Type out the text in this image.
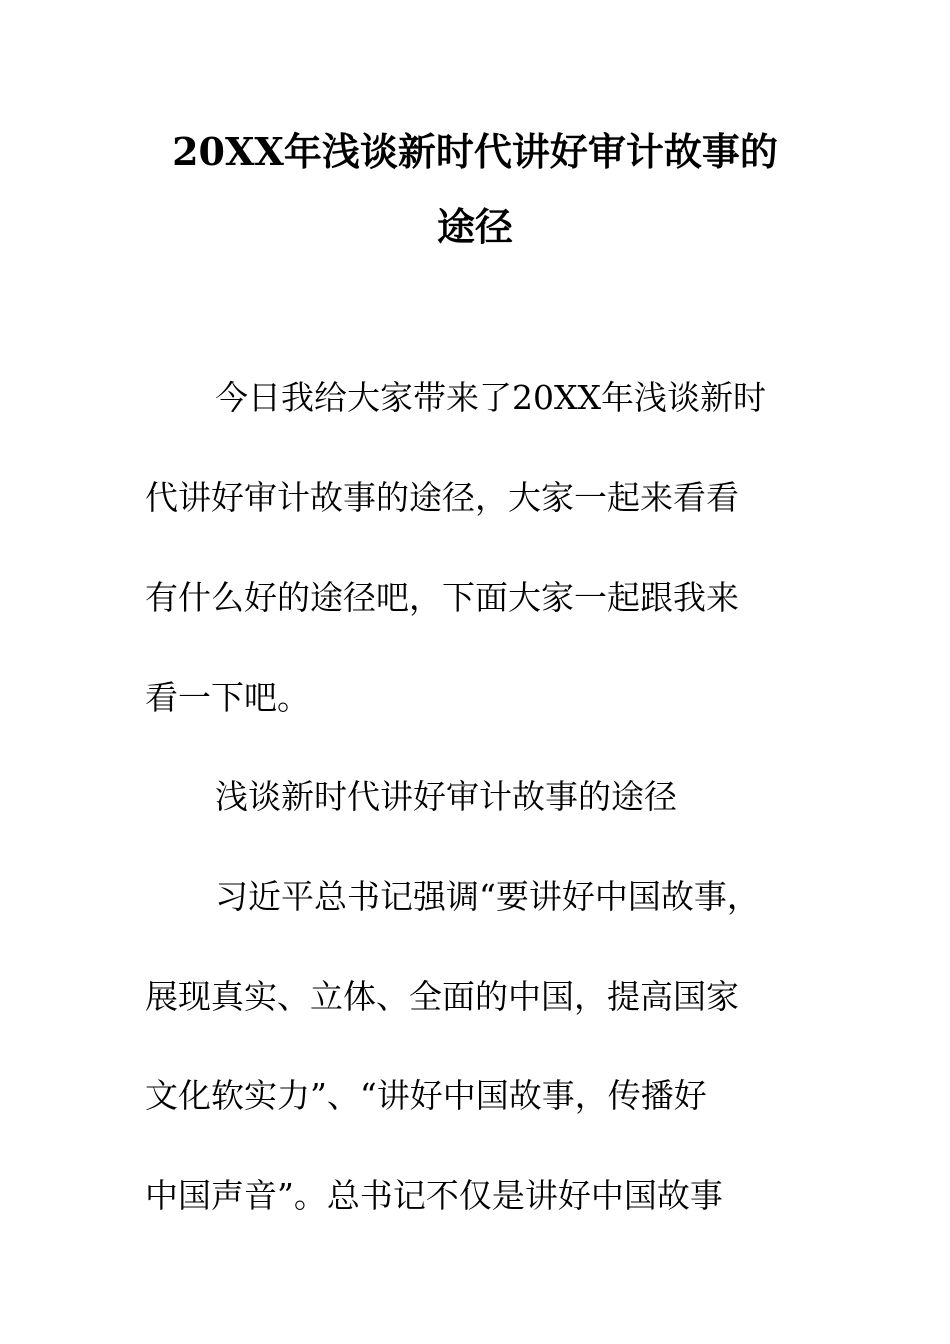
20XX年浅谈新时代讲好审计故事的
途径
今日我给大家带来了20XX年浅谈新时
代讲好审计故事的途径，大家一起来看看
有什么好的途径吧，下面大家一起跟我来
看一下吧。
浅谈新时代讲好审计故事的途径
习近平总书记强调“要讲好中国故事，
展现真实、立体、全面的中国，提高国家
文化软实力”、“讲好中国故事，传播好
中国声音”。总书记不仅是讲好中国故事
